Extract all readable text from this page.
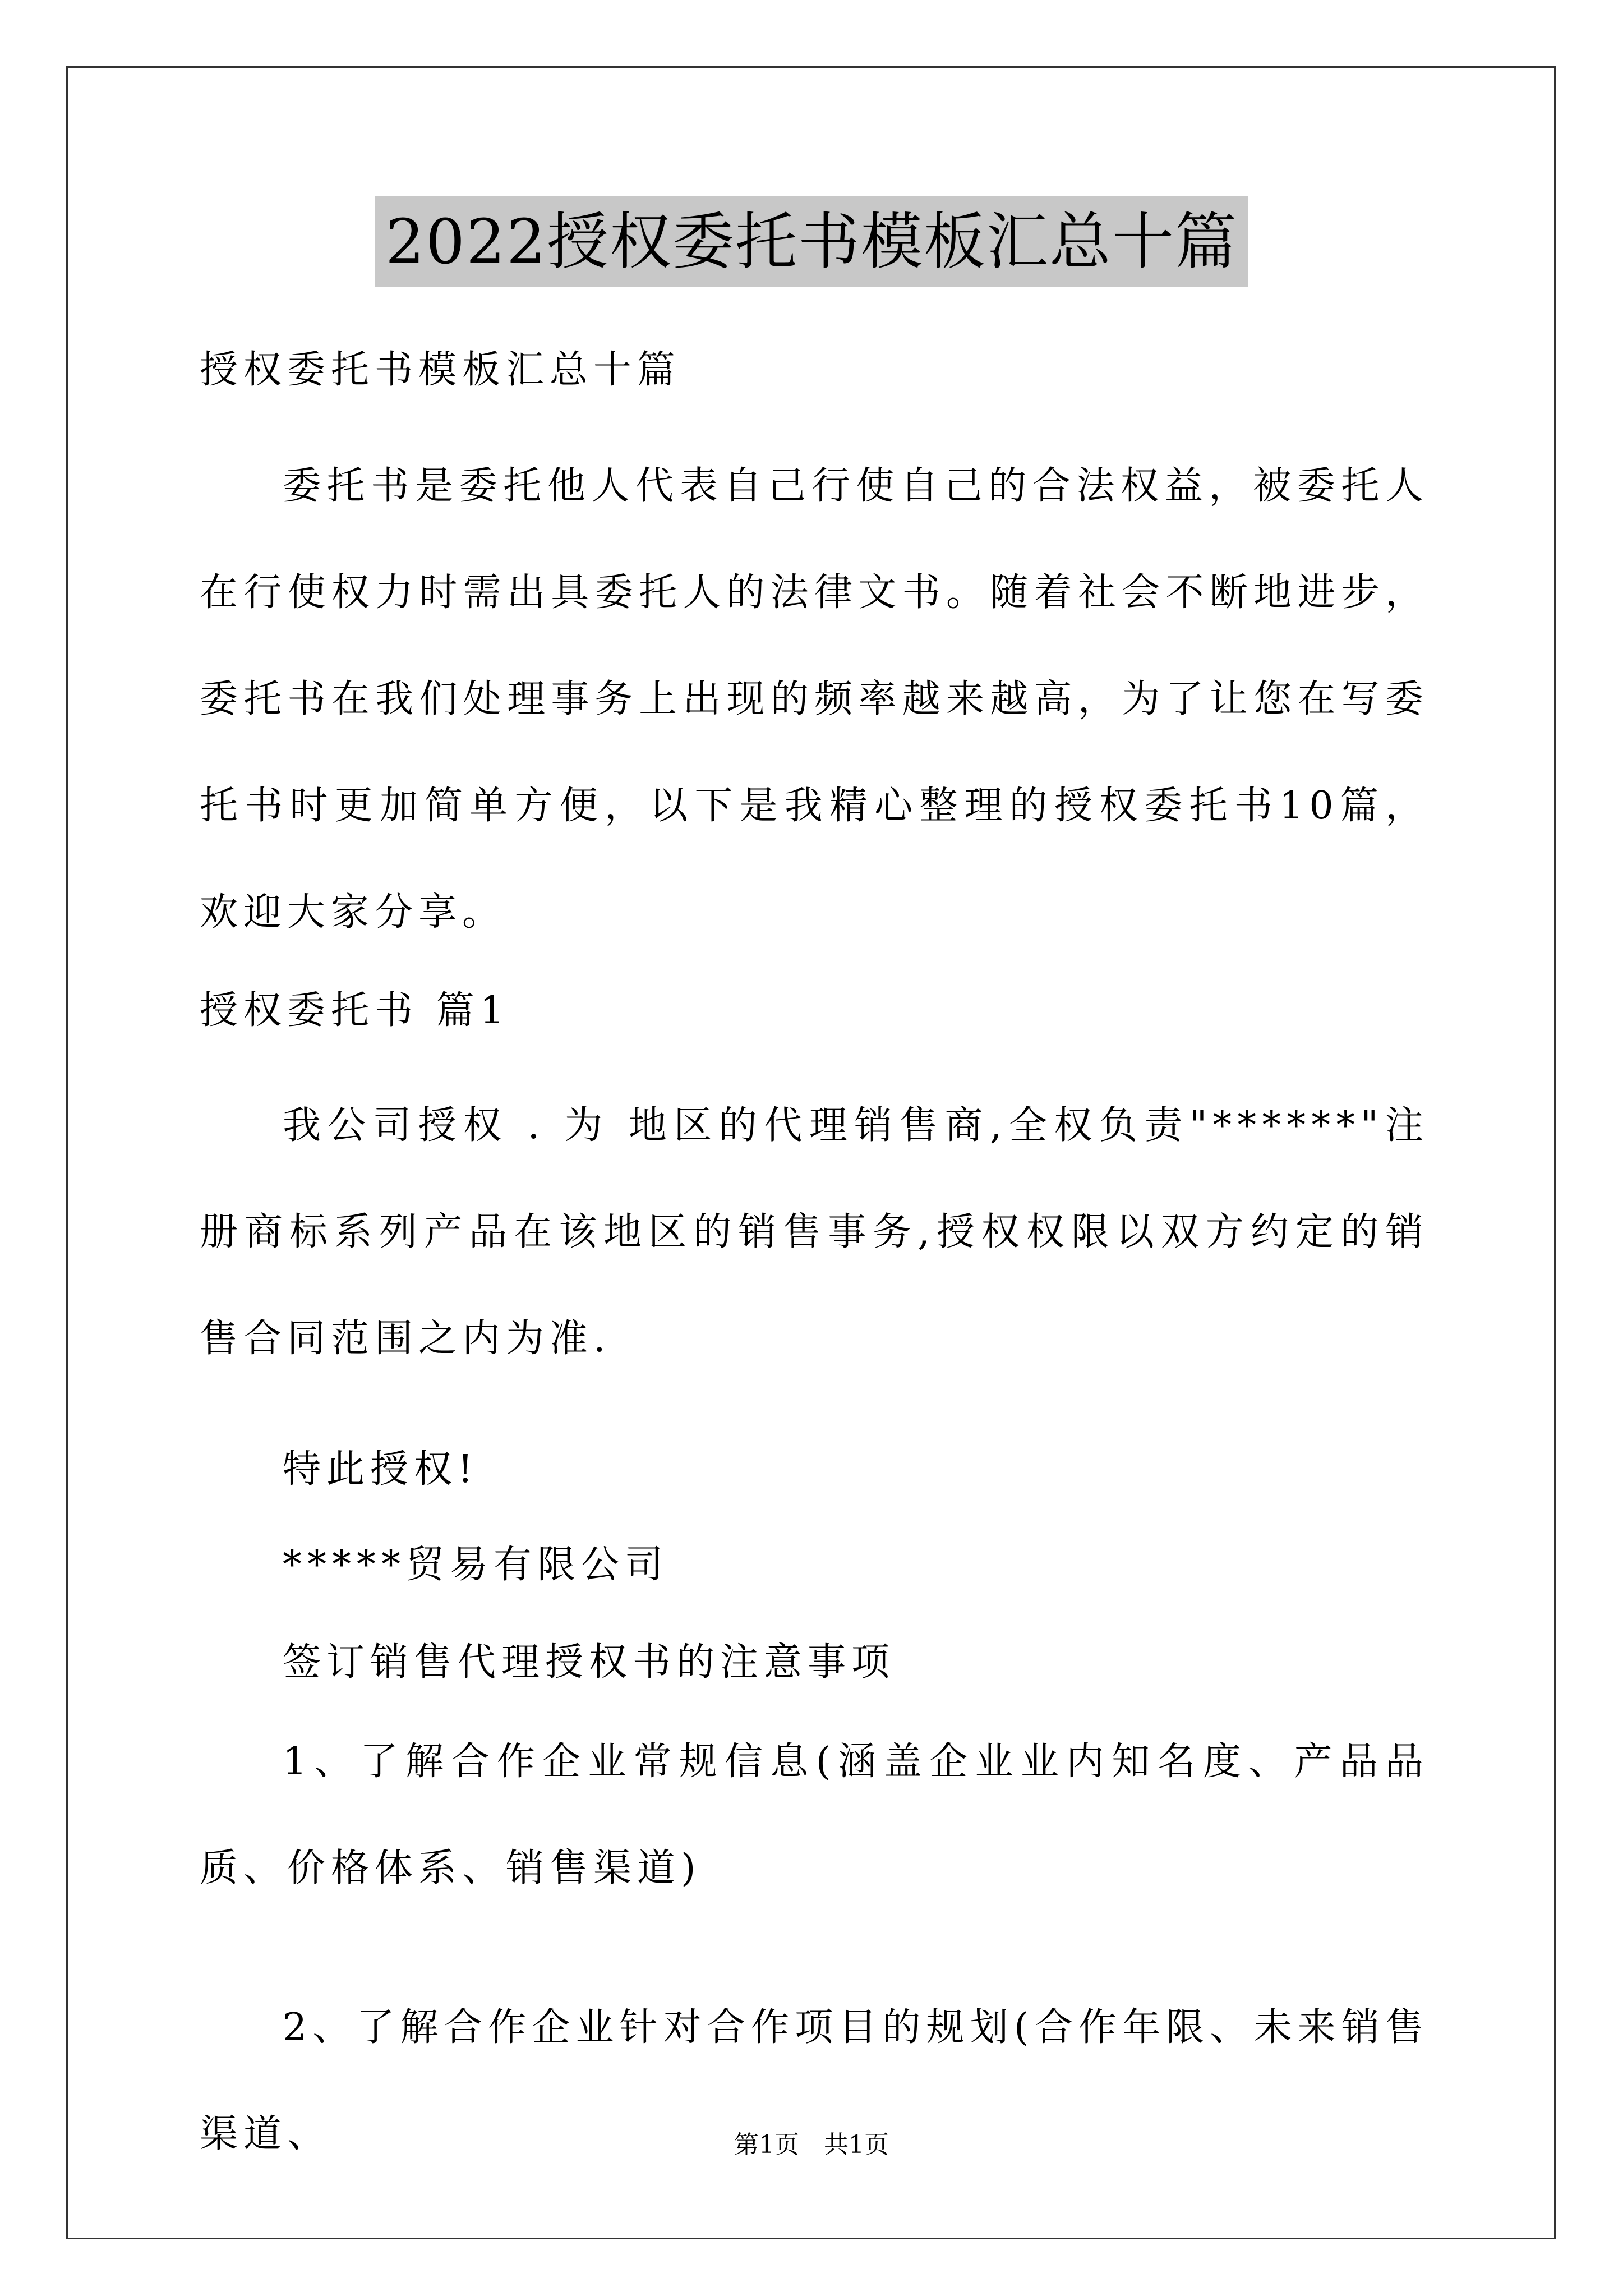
2022授权委托书模板汇总十篇
授权委托书模板汇总十篇
委托书是委托他人代表自己行使自己的合法权益，被委托人在行使权力时需出具委托人的法律文书。随着社会不断地进步，委托书在我们处理事务上出现的频率越来越高，为了让您在写委托书时更加简单方便，以下是我精心整理的授权委托书10篇，欢迎大家分享。
授权委托书 篇1
我公司授权 . 为 地区的代理销售商,全权负责"******"注册商标系列产品在该地区的销售事务,授权权限以双方约定的销售合同范围之内为准.
特此授权!
*****贸易有限公司
签订销售代理授权书的注意事项
1、了解合作企业常规信息(涵盖企业业内知名度、产品品质、价格体系、销售渠道)
2、了解合作企业针对合作项目的规划(合作年限、未来销售渠道、	第1页　共1页
